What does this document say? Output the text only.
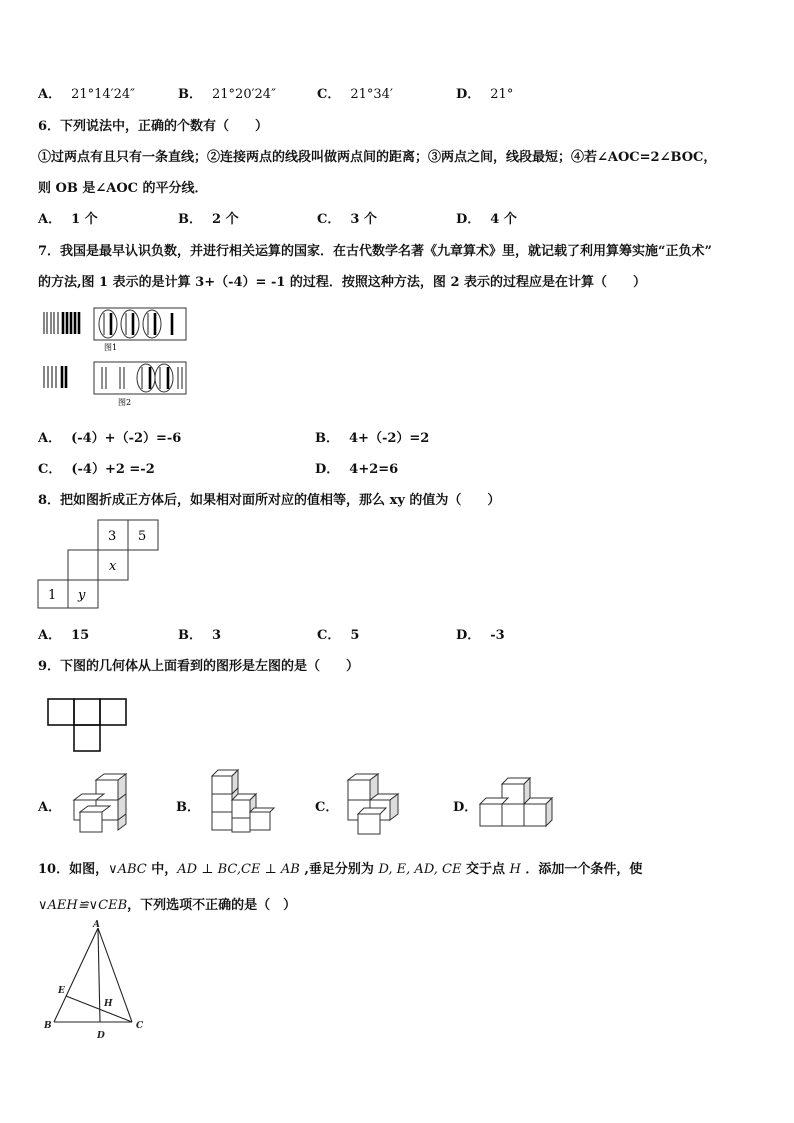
A． 21°14′24″	B． 21°20′24″	C． 21°34′	D． 21°
6．下列说法中，正确的个数有（　　）
①过两点有且只有一条直线；②连接两点的线段叫做两点间的距离；③两点之间，线段最短；④若∠AOC=2∠BOC，
则 OB 是∠AOC 的平分线．
A． 1 个	B． 2 个	C． 3 个	D． 4 个
7．我国是最早认识负数，并进行相关运算的国家．在古代数学名著《九章算术》里，就记载了利用算筹实施“正负术”
的方法,图 1 表示的是计算 3+（-4）= -1 的过程．按照这种方法，图 2 表示的过程应是在计算（　　）
图1
图2
A． (-4）+（-2）=-6	B． 4+（-2）=2
C． (-4）+2 =-2	D． 4+2=6
8．把如图折成正方体后，如果相对面所对应的值相等，那么 xy 的值为（　　）
3 5
x
1 y
A． 15	B． 3	C． 5	D． -3
9．下图的几何体从上面看到的图形是左图的是（　　）
A．	B．	C．	D．
10．如图，∨ABC 中，AD ⊥ BC,CE ⊥ AB ,垂足分别为 D, E, AD, CE 交于点 H ．添加一个条件，使
∨AEH≌∨CEB，下列选项不正确的是（　）
A
B	C
D
E
H
